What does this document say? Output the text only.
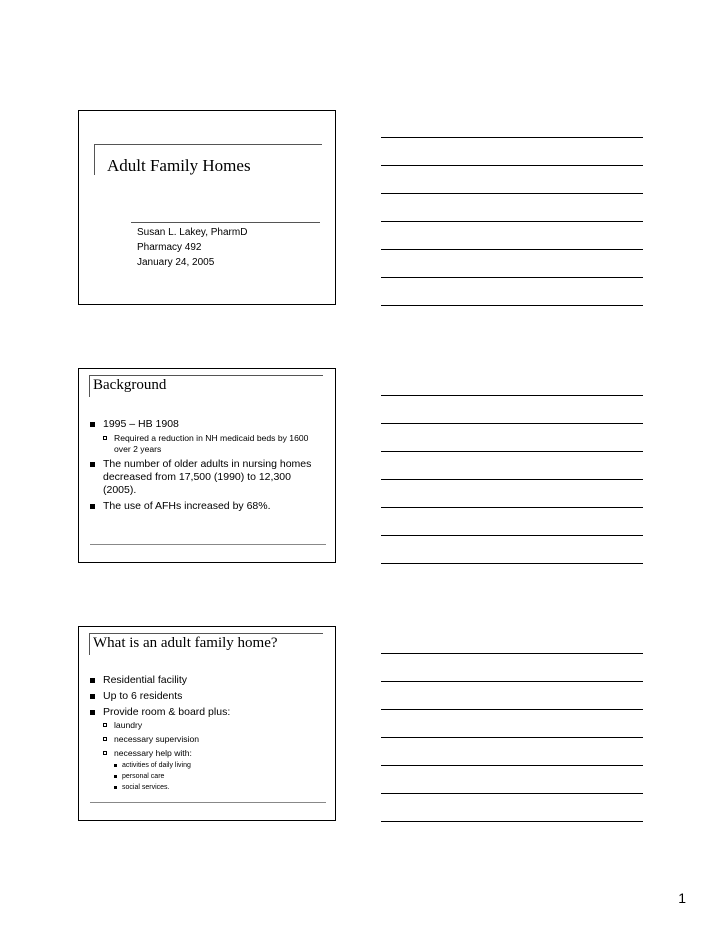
Adult Family Homes
Susan L. Lakey, PharmD
Pharmacy 492
January 24, 2005
Background
1995 – HB 1908
Required a reduction in NH medicaid beds by 1600 over 2 years
The number of older adults in nursing homes decreased from 17,500 (1990) to 12,300 (2005).
The use of AFHs increased by 68%.
What is an adult family home?
Residential facility
Up to 6 residents
Provide room & board plus:
laundry
necessary supervision
necessary help with:
activities of daily living
personal care
social services.
1
